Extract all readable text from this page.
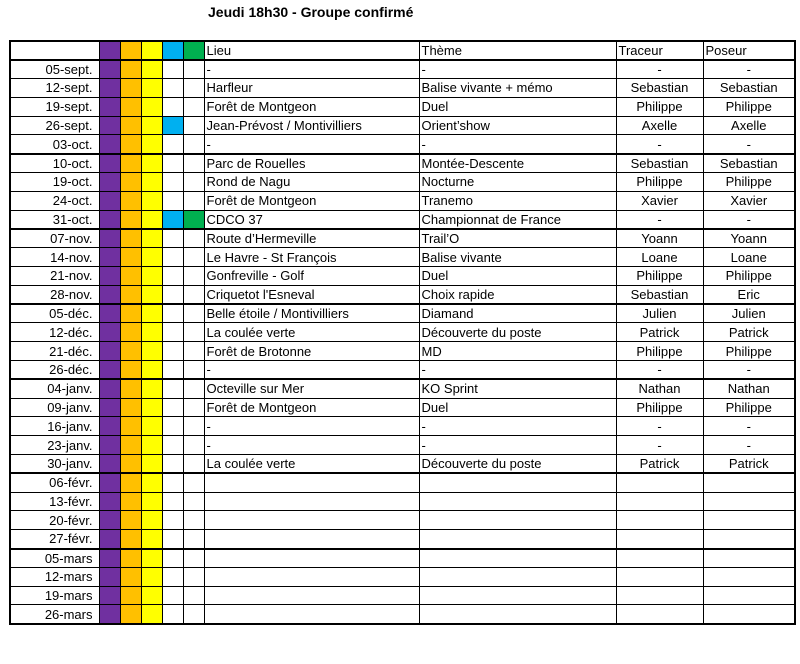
Jeudi 18h30 - Groupe confirmé
						Lieu	Thème	Traceur	Poseur
05-sept.						-	-	-	-
12-sept.						Harfleur	Balise vivante + mémo	Sebastian	Sebastian
19-sept.						Forêt de Montgeon	Duel	Philippe	Philippe
26-sept.						Jean-Prévost / Montivilliers	Orient’show	Axelle	Axelle
03-oct.						-	-	-	-
10-oct.						Parc de Rouelles	Montée-Descente	Sebastian	Sebastian
19-oct.						Rond de Nagu	Nocturne	Philippe	Philippe
24-oct.						Forêt de Montgeon	Tranemo	Xavier	Xavier
31-oct.						CDCO 37	Championnat de France	-	-
07-nov.						Route d’Hermeville	Trail’O	Yoann	Yoann
14-nov.						Le Havre - St François	Balise vivante	Loane	Loane
21-nov.						Gonfreville - Golf	Duel	Philippe	Philippe
28-nov.						Criquetot l'Esneval	Choix rapide	Sebastian	Eric
05-déc.						Belle étoile / Montivilliers	Diamand	Julien	Julien
12-déc.						La coulée verte	Découverte du poste	Patrick	Patrick
21-déc.						Forêt de Brotonne	MD	Philippe	Philippe
26-déc.						-	-	-	-
04-janv.						Octeville sur Mer	KO Sprint	Nathan	Nathan
09-janv.						Forêt de Montgeon	Duel	Philippe	Philippe
16-janv.						-	-	-	-
23-janv.						-	-	-	-
30-janv.						La coulée verte	Découverte du poste	Patrick	Patrick
06-févr.									
13-févr.									
20-févr.									
27-févr.									
05-mars									
12-mars									
19-mars									
26-mars									
